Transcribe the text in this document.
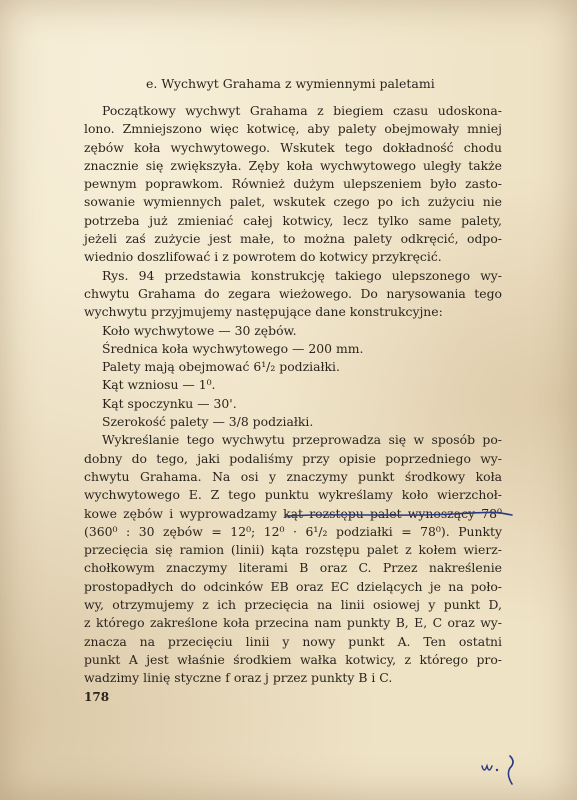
e. Wychwyt Grahama z wymiennymi paletami
Początkowy wychwyt Grahama z biegiem czasu udoskona-
lono. Zmniejszono więc kotwicę, aby palety obejmowały mniej
zębów koła wychwytowego. Wskutek tego dokładność chodu
znacznie się zwiększyła. Zęby koła wychwytowego uległy także
pewnym poprawkom. Również dużym ulepszeniem było zasto-
sowanie wymiennych palet, wskutek czego po ich zużyciu nie
potrzeba już zmieniać całej kotwicy, lecz tylko same palety,
jeżeli zaś zużycie jest małe, to można palety odkręcić, odpo-
wiednio doszlifować i z powrotem do kotwicy przykręcić.
Rys. 94 przedstawia konstrukcję takiego ulepszonego wy-
chwytu Grahama do zegara wieżowego. Do narysowania tego
wychwytu przyjmujemy następujące dane konstrukcyjne:
Koło wychwytowe — 30 zębów.
Średnica koła wychwytowego — 200 mm.
Palety mają obejmować 6¹/₂ podziałki.
Kąt wzniosu — 1⁰.
Kąt spoczynku — 30'.
Szerokość palety — 3/8 podziałki.
Wykreślanie tego wychwytu przeprowadza się w sposób po-
dobny do tego, jaki podaliśmy przy opisie poprzedniego wy-
chwytu Grahama. Na osi y znaczymy punkt środkowy koła
wychwytowego E. Z tego punktu wykreślamy koło wierzchoł-
kowe zębów i wyprowadzamy kąt rozstępu palet wynoszący 78⁰
(360⁰ : 30 zębów = 12⁰; 12⁰ · 6¹/₂ podziałki = 78⁰). Punkty
przecięcia się ramion (linii) kąta rozstępu palet z kołem wierz-
chołkowym znaczymy literami B oraz C. Przez nakreślenie
prostopadłych do odcinków EB oraz EC dzielących je na poło-
wy, otrzymujemy z ich przecięcia na linii osiowej y punkt D,
z którego zakreślone koła przecina nam punkty B, E, C oraz wy-
znacza na przecięciu linii y nowy punkt A. Ten ostatni
punkt A jest właśnie środkiem wałka kotwicy, z którego pro-
wadzimy linię styczne f oraz j przez punkty B i C.
178
